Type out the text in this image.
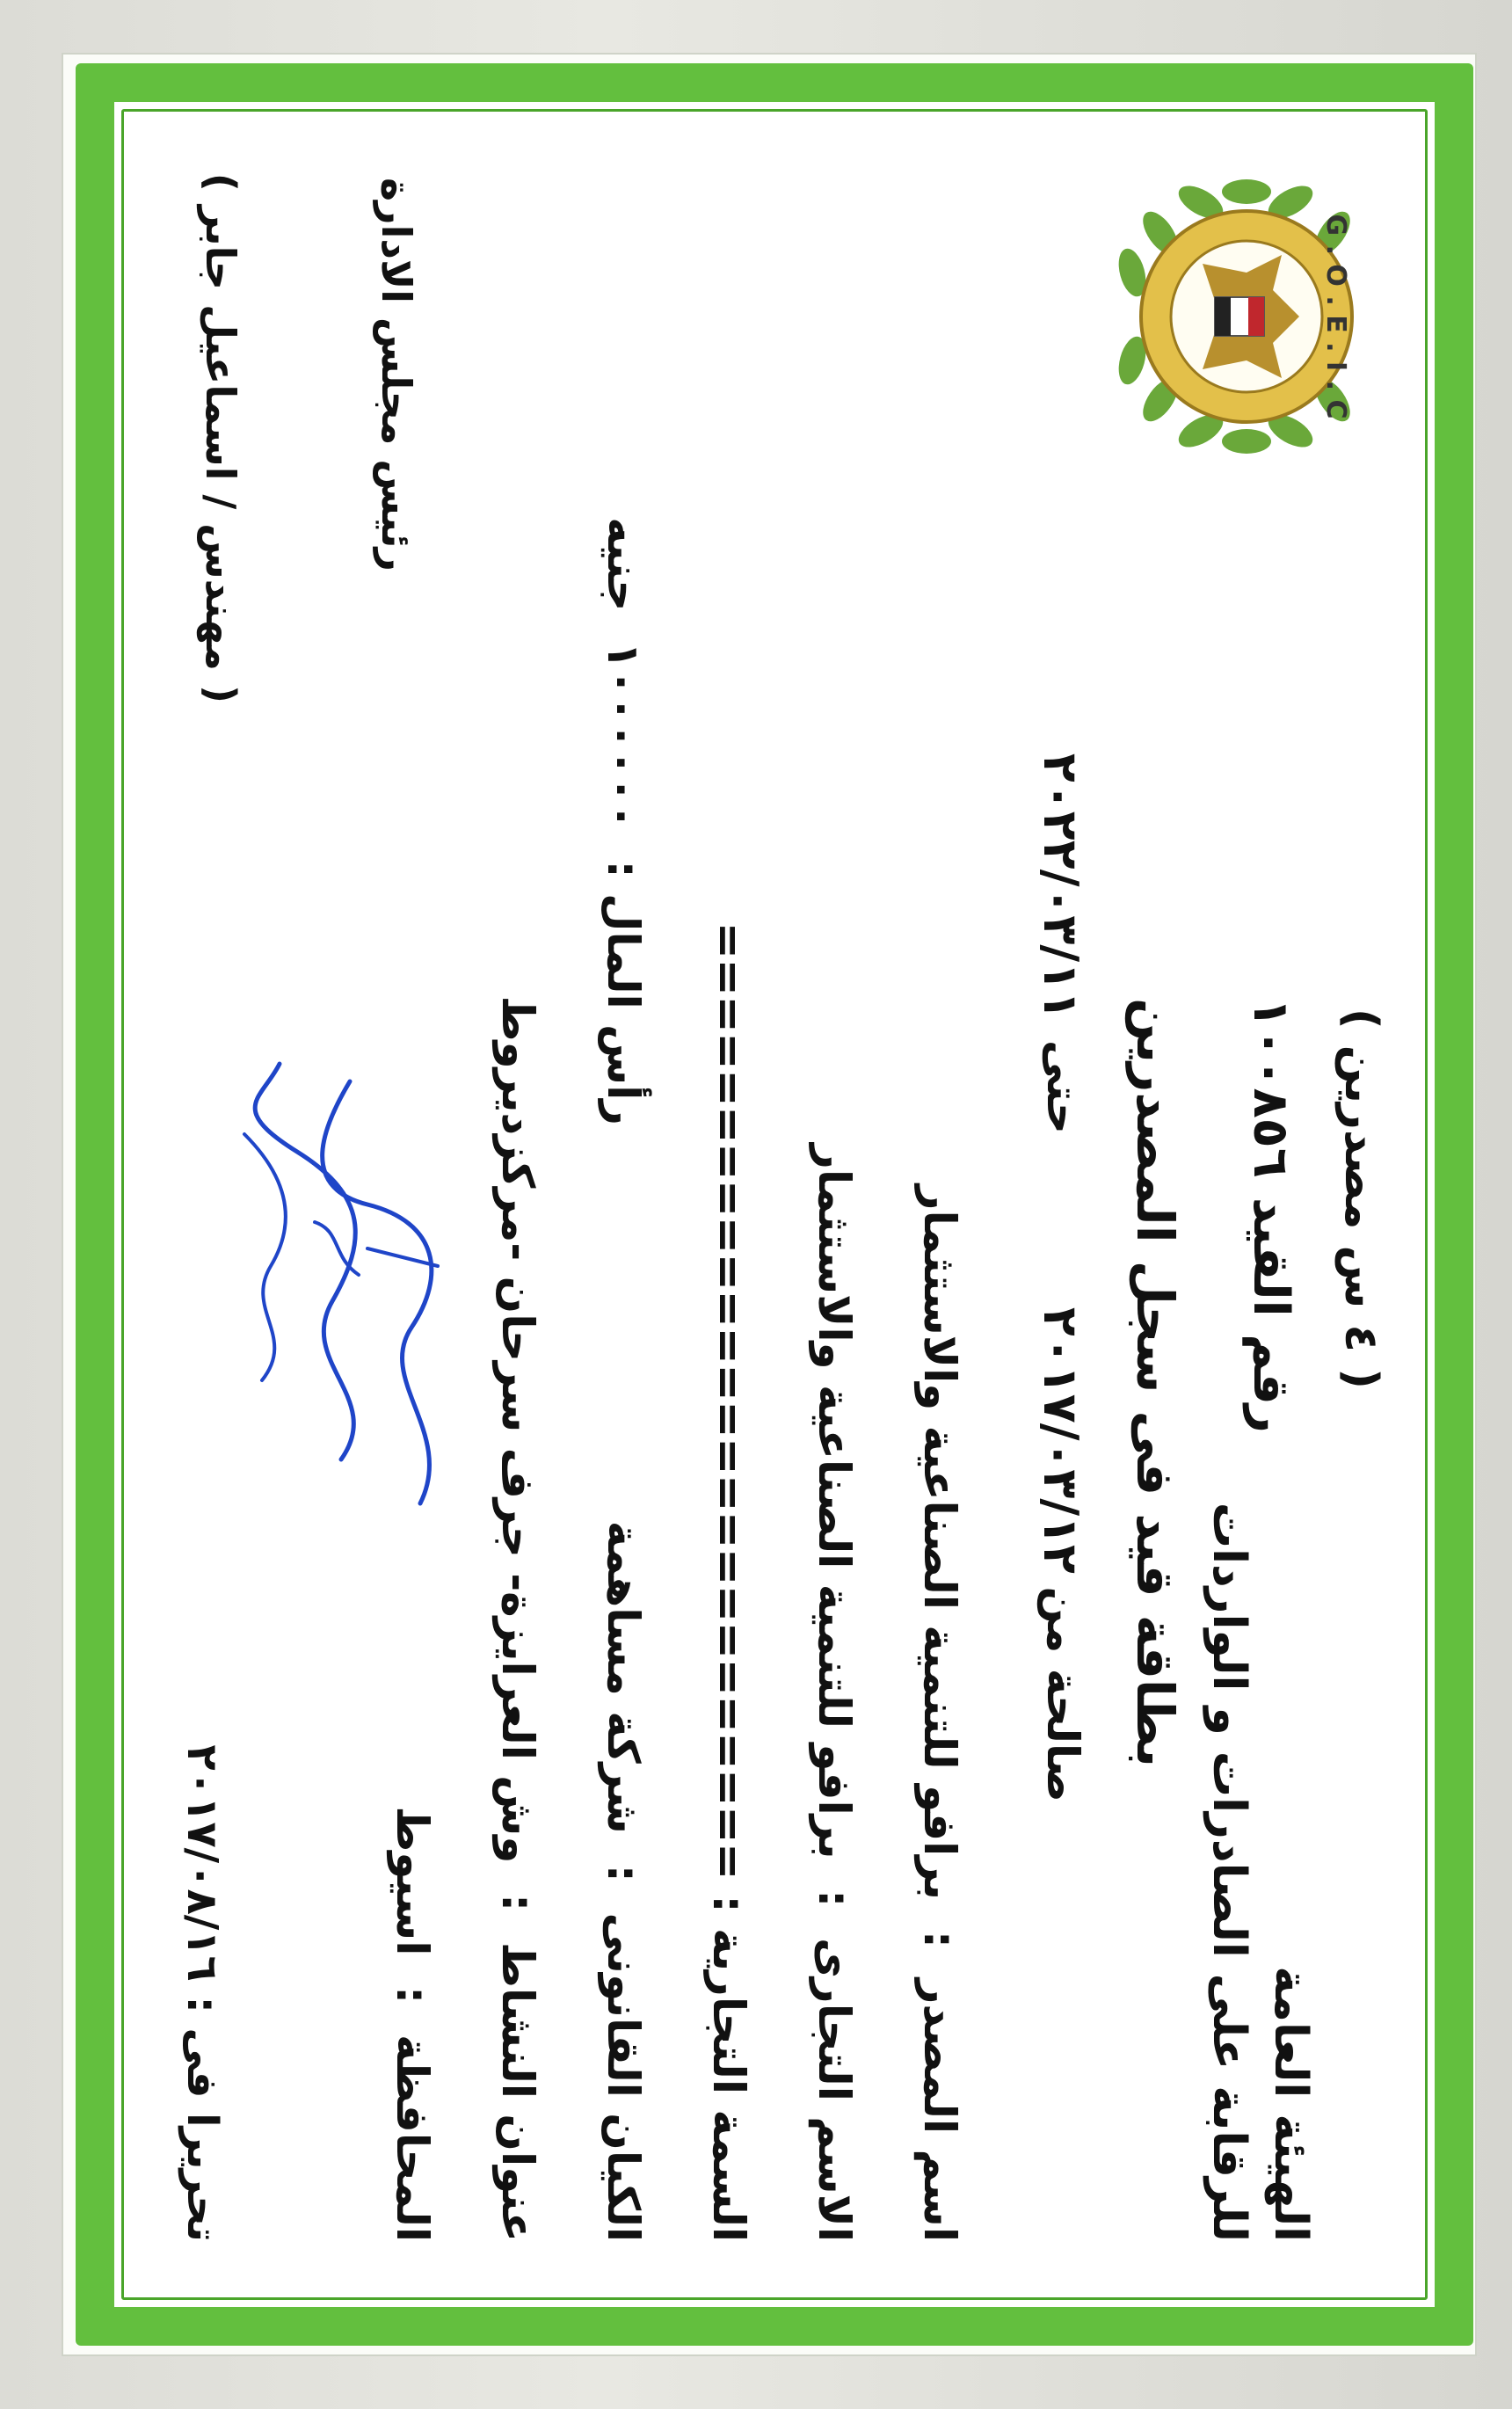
G . O . E . I . C
الهيئة العامة
للرقابة على الصادرات و الواردات
( ٤ س مصدرين )
رقم القيد
١٠٠٨٥٦
بطاقة قيد فى سجل المصدرين
صالحة من
٢٠١٧/٠٣/١٢
حتى
٢٠٢٢/٠٣/١١
اسم المصدر  :  برافو للتنمية الصناعية والاستثمار
الاسم التجارى  :  برافو للتنمية الصناعية والاستثمار
السمة التجارية : ==========================
الكيان القانونى  :  شركة مساهمة
عنوان النشاط  :  وش العرايزة- جرف سرحان -مركزديروط
المحافظة  :  اسيوط
رأس المال :  ١٠٠٠٠٠٠  جنيه
رئيس مجلس الادارة
( مهندس / اسماعيل جابر )
تحريرا فى : ٢٠١٧/٠٨/١٦
